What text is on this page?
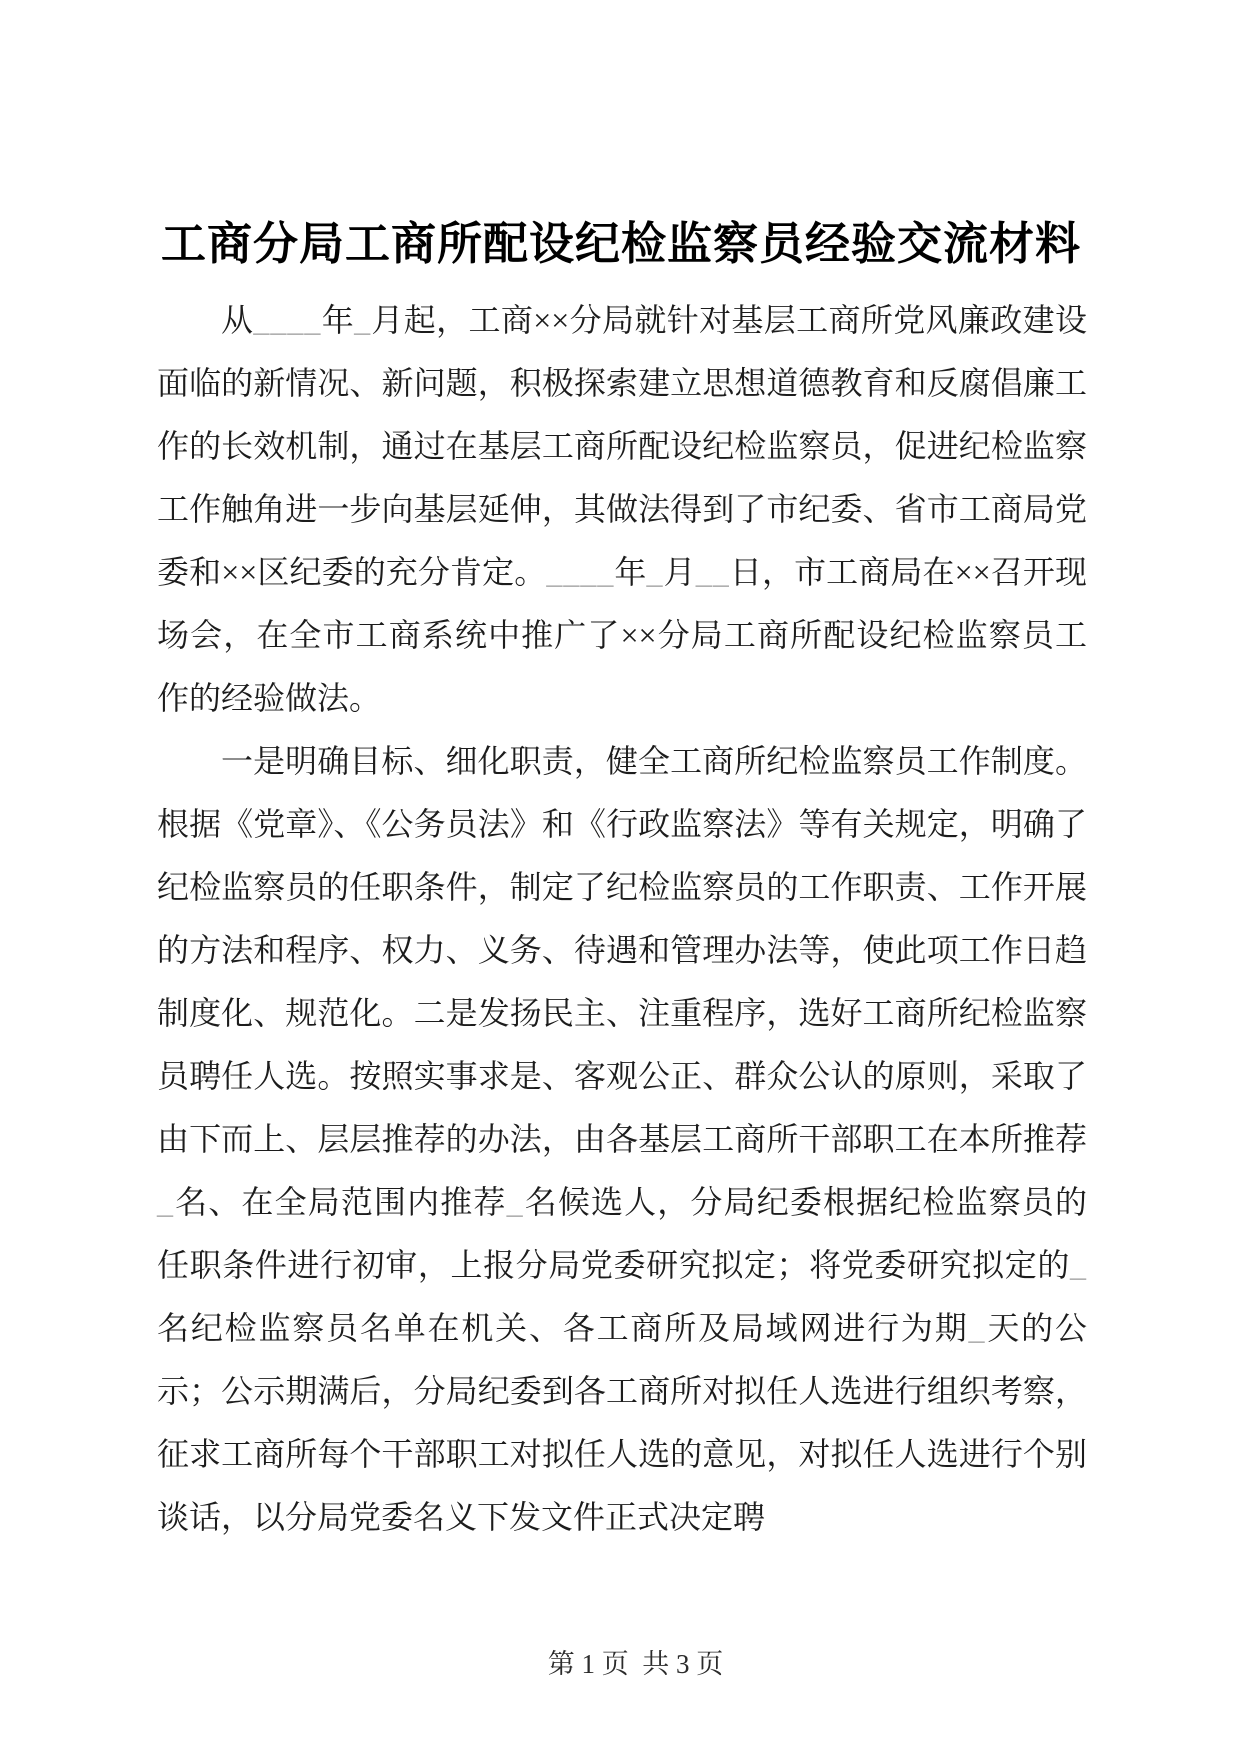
工商分局工商所配设纪检监察员经验交流材料
从____年_月起，工商××分局就针对基层工商所党风廉政建设面临的新情况、新问题，积极探索建立思想道德教育和反腐倡廉工作的长效机制，通过在基层工商所配设纪检监察员，促进纪检监察工作触角进一步向基层延伸，其做法得到了市纪委、省市工商局党委和××区纪委的充分肯定。____年_月__日，市工商局在××召开现场会，在全市工商系统中推广了××分局工商所配设纪检监察员工作的经验做法。
一是明确目标、细化职责，健全工商所纪检监察员工作制度。根据《党章》、《公务员法》和《行政监察法》等有关规定，明确了纪检监察员的任职条件，制定了纪检监察员的工作职责、工作开展的方法和程序、权力、义务、待遇和管理办法等，使此项工作日趋制度化、规范化。二是发扬民主、注重程序，选好工商所纪检监察员聘任人选。按照实事求是、客观公正、群众公认的原则，采取了由下而上、层层推荐的办法，由各基层工商所干部职工在本所推荐_名、在全局范围内推荐_名候选人，分局纪委根据纪检监察员的任职条件进行初审，上报分局党委研究拟定；将党委研究拟定的_名纪检监察员名单在机关、各工商所及局域网进行为期_天的公示；公示期满后，分局纪委到各工商所对拟任人选进行组织考察，征求工商所每个干部职工对拟任人选的意见，对拟任人选进行个别谈话，以分局党委名义下发文件正式决定聘

第 1 页  共 3 页
